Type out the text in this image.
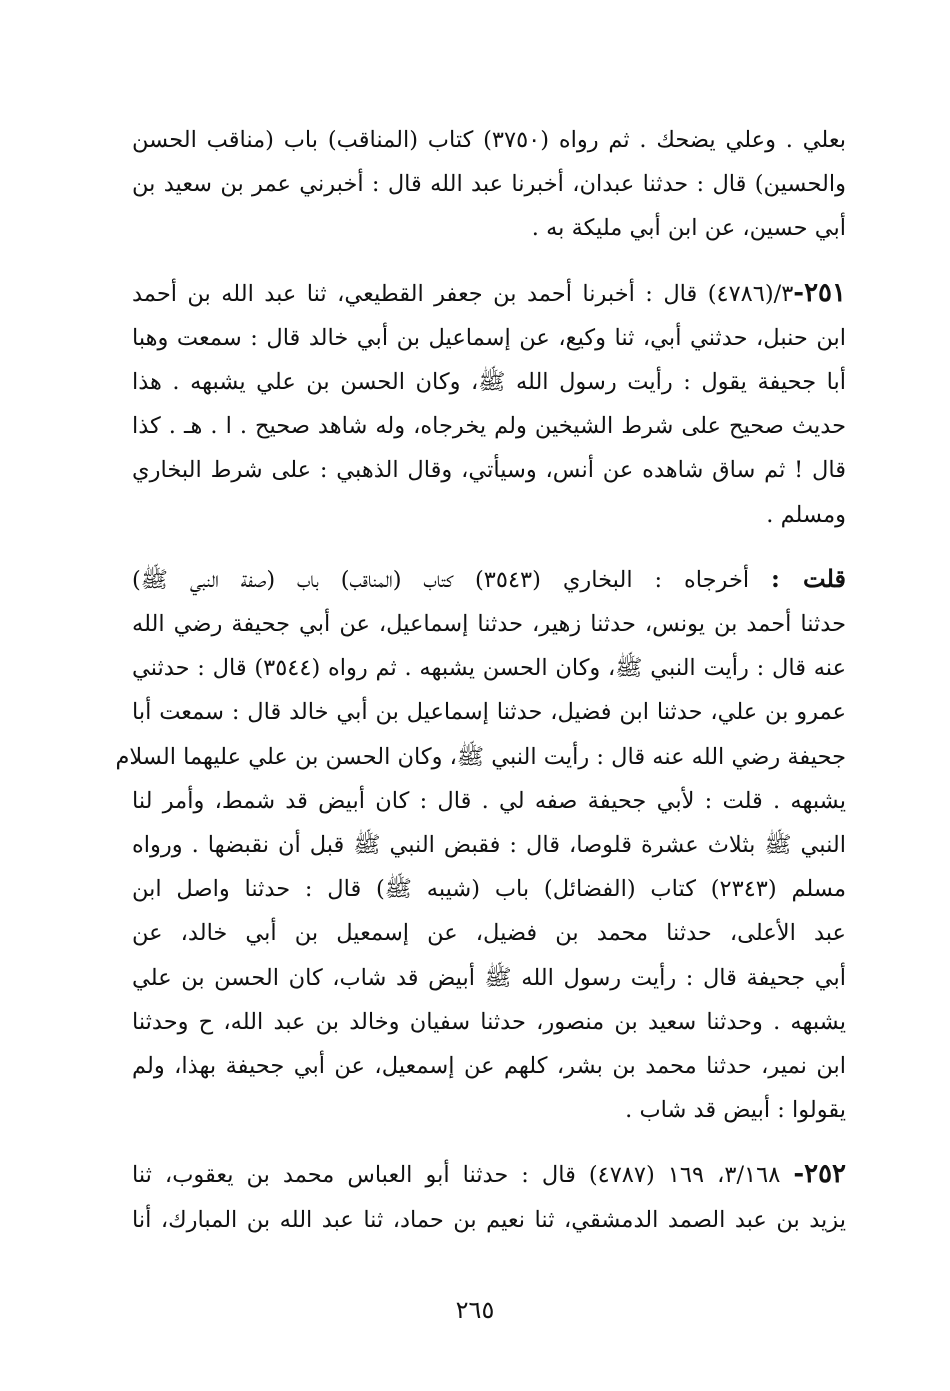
بعلي . وعلي يضحك . ثم رواه (٣٧٥٠) كتاب (المناقب) باب (مناقب الحسن
والحسين) قال : حدثنا عبدان، أخبرنا عبد الله قال : أخبرني عمر بن سعيد بن
أبي حسين، عن ابن أبي مليكة به .
٢٥١-٣/(٤٧٨٦) قال : أخبرنا أحمد بن جعفر القطيعي، ثنا عبد الله بن أحمد
ابن حنبل، حدثني أبي، ثنا وكيع، عن إسماعيل بن أبي خالد قال : سمعت وهبا
أبا جحيفة يقول : رأيت رسول الله ﷺ، وكان الحسن بن علي يشبهه . هذا
حديث صحيح على شرط الشيخين ولم يخرجاه، وله شاهد صحيح . ا . هـ . كذا
قال ! ثم ساق شاهده عن أنس، وسيأتي، وقال الذهبي : على شرط البخاري
ومسلم .
قلت : أخرجاه : البخاري (٣٥٤٣) كتاب (المناقب) باب (صفة النبي ﷺ)
حدثنا أحمد بن يونس، حدثنا زهير، حدثنا إسماعيل، عن أبي جحيفة رضي الله
عنه قال : رأيت النبي ﷺ، وكان الحسن يشبهه . ثم رواه (٣٥٤٤) قال : حدثني
عمرو بن علي، حدثنا ابن فضيل، حدثنا إسماعيل بن أبي خالد قال : سمعت أبا
جحيفة رضي الله عنه قال : رأيت النبي ﷺ، وكان الحسن بن علي عليهما السلام
يشبهه . قلت : لأبي جحيفة صفه لي . قال : كان أبيض قد شمط، وأمر لنا
النبي ﷺ بثلاث عشرة قلوصا، قال : فقبض النبي ﷺ قبل أن نقبضها . ورواه
مسلم (٢٣٤٣) كتاب (الفضائل) باب (شيبه ﷺ) قال : حدثنا واصل ابن
عبد الأعلى، حدثنا محمد بن فضيل، عن إسمعيل بن أبي خالد، عن
أبي جحيفة قال : رأيت رسول الله ﷺ أبيض قد شاب، كان الحسن بن علي
يشبهه . وحدثنا سعيد بن منصور، حدثنا سفيان وخالد بن عبد الله، ح وحدثنا
ابن نمير، حدثنا محمد بن بشر، كلهم عن إسمعيل، عن أبي جحيفة بهذا، ولم
يقولوا : أبيض قد شاب .
٢٥٢- ٣/١٦٨، ١٦٩ (٤٧٨٧) قال : حدثنا أبو العباس محمد بن يعقوب، ثنا
يزيد بن عبد الصمد الدمشقي، ثنا نعيم بن حماد، ثنا عبد الله بن المبارك، أنا
٢٦٥
